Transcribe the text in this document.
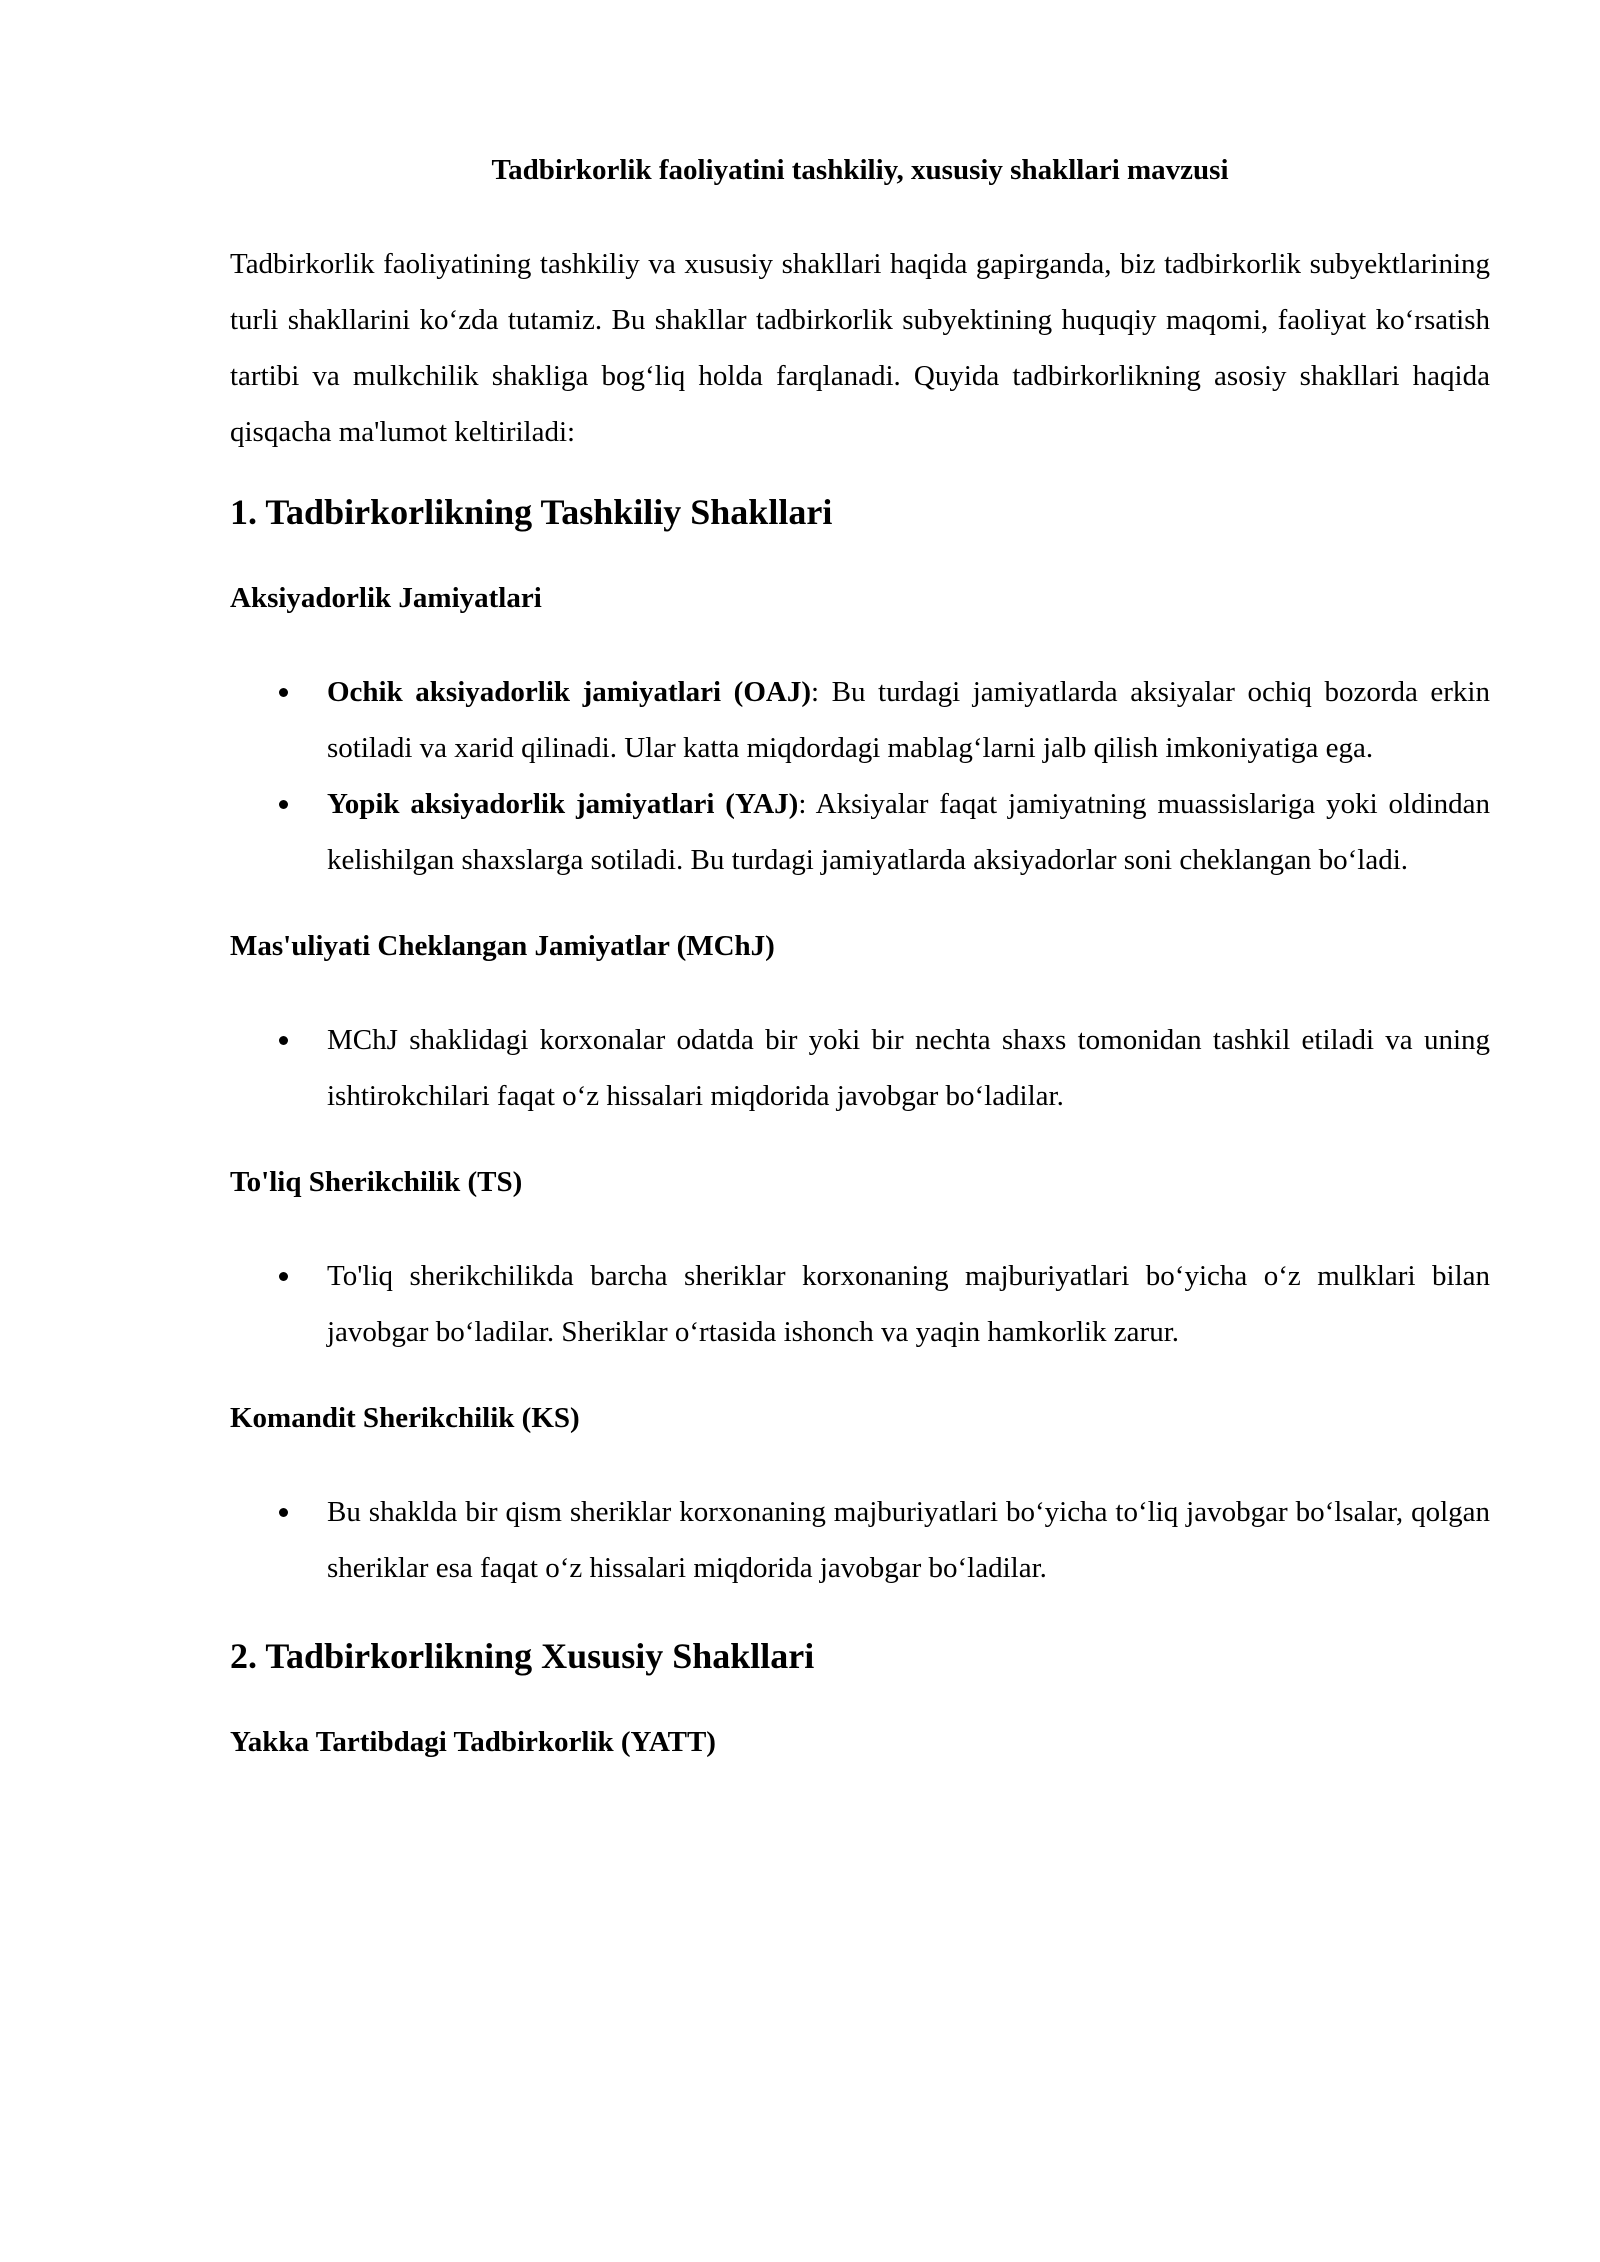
Tadbirkorlik faoliyatini tashkiliy, xususiy shakllari mavzusi

Tadbirkorlik faoliyatining tashkiliy va xususiy shakllari haqida gapirganda, biz tadbirkorlik subyektlarining turli shakllarini ko‘zda tutamiz. Bu shakllar tadbirkorlik subyektining huquqiy maqomi, faoliyat ko‘rsatish tartibi va mulkchilik shakliga bog‘liq holda farqlanadi. Quyida tadbirkorlikning asosiy shakllari haqida qisqacha ma'lumot keltiriladi:

1. Tadbirkorlikning Tashkiliy Shakllari
Aksiyadorlik Jamiyatlari
Ochik aksiyadorlik jamiyatlari (OAJ): Bu turdagi jamiyatlarda aksiyalar ochiq bozorda erkin sotiladi va xarid qilinadi. Ular katta miqdordagi mablag‘larni jalb qilish imkoniyatiga ega.
Yopik aksiyadorlik jamiyatlari (YAJ): Aksiyalar faqat jamiyatning muassislariga yoki oldindan kelishilgan shaxslarga sotiladi. Bu turdagi jamiyatlarda aksiyadorlar soni cheklangan bo‘ladi.
Mas'uliyati Cheklangan Jamiyatlar (MChJ)
MChJ shaklidagi korxonalar odatda bir yoki bir nechta shaxs tomonidan tashkil etiladi va uning ishtirokchilari faqat o‘z hissalari miqdorida javobgar bo‘ladilar.
To'liq Sherikchilik (TS)
To'liq sherikchilikda barcha sheriklar korxonaning majburiyatlari bo‘yicha o‘z mulklari bilan javobgar bo‘ladilar. Sheriklar o‘rtasida ishonch va yaqin hamkorlik zarur.
Komandit Sherikchilik (KS)
Bu shaklda bir qism sheriklar korxonaning majburiyatlari bo‘yicha to‘liq javobgar bo‘lsalar, qolgan sheriklar esa faqat o‘z hissalari miqdorida javobgar bo‘ladilar.
2. Tadbirkorlikning Xususiy Shakllari
Yakka Tartibdagi Tadbirkorlik (YATT)
